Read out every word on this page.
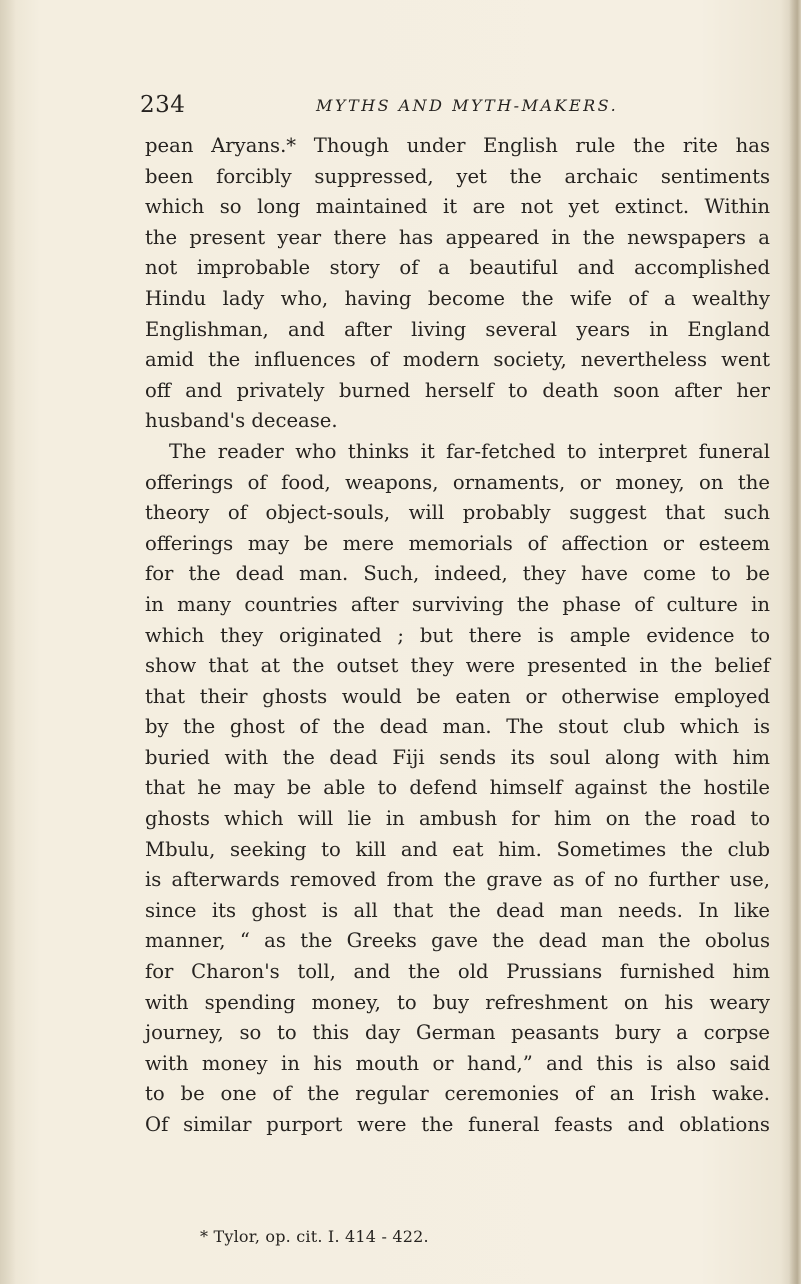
234	MYTHS AND MYTH-MAKERS.
pean Aryans.* Though under English rule the rite has
been forcibly suppressed, yet the archaic sentiments
which so long maintained it are not yet extinct. Within
the present year there has appeared in the newspapers a
not improbable story of a beautiful and accomplished
Hindu lady who, having become the wife of a wealthy
Englishman, and after living several years in England
amid the influences of modern society, nevertheless went
off and privately burned herself to death soon after her
husband's decease.
The reader who thinks it far-fetched to interpret funeral
offerings of food, weapons, ornaments, or money, on the
theory of object-souls, will probably suggest that such
offerings may be mere memorials of affection or esteem
for the dead man. Such, indeed, they have come to be
in many countries after surviving the phase of culture in
which they originated ; but there is ample evidence to
show that at the outset they were presented in the belief
that their ghosts would be eaten or otherwise employed
by the ghost of the dead man. The stout club which is
buried with the dead Fiji sends its soul along with him
that he may be able to defend himself against the hostile
ghosts which will lie in ambush for him on the road to
Mbulu, seeking to kill and eat him. Sometimes the club
is afterwards removed from the grave as of no further use,
since its ghost is all that the dead man needs. In like
manner, “ as the Greeks gave the dead man the obolus
for Charon's toll, and the old Prussians furnished him
with spending money, to buy refreshment on his weary
journey, so to this day German peasants bury a corpse
with money in his mouth or hand,” and this is also said
to be one of the regular ceremonies of an Irish wake.
Of similar purport were the funeral feasts and oblations
* Tylor, op. cit. I. 414 - 422.
